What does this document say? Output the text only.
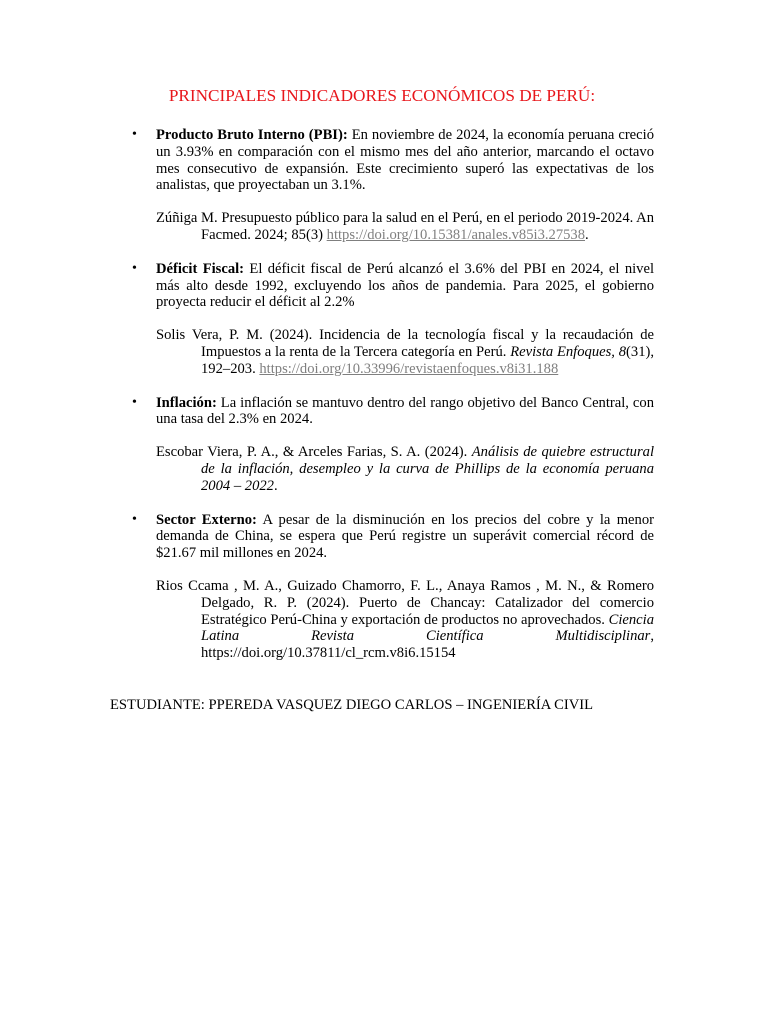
PRINCIPALES INDICADORES ECONÓMICOS DE PERÚ:
• Producto Bruto Interno (PBI): En noviembre de 2024, la economía peruana creció un 3.93% en comparación con el mismo mes del año anterior, marcando el octavo mes consecutivo de expansión. Este crecimiento superó las expectativas de los analistas, que proyectaban un 3.1%.

Zúñiga M. Presupuesto público para la salud en el Perú, en el periodo 2019-2024. An Facmed. 2024; 85(3) https://doi.org/10.15381/anales.v85i3.27538.

• Déficit Fiscal: El déficit fiscal de Perú alcanzó el 3.6% del PBI en 2024, el nivel más alto desde 1992, excluyendo los años de pandemia. Para 2025, el gobierno proyecta reducir el déficit al 2.2%

Solis Vera, P. M. (2024). Incidencia de la tecnología fiscal y la recaudación de Impuestos a la renta de la Tercera categoría en Perú. Revista Enfoques, 8(31), 192–203. https://doi.org/10.33996/revistaenfoques.v8i31.188

• Inflación: La inflación se mantuvo dentro del rango objetivo del Banco Central, con una tasa del 2.3% en 2024.

Escobar Viera, P. A., & Arceles Farias, S. A. (2024). Análisis de quiebre estructural de la inflación, desempleo y la curva de Phillips de la economía peruana 2004 – 2022.

• Sector Externo: A pesar de la disminución en los precios del cobre y la menor demanda de China, se espera que Perú registre un superávit comercial récord de $21.67 mil millones en 2024.

Rios Ccama , M. A., Guizado Chamorro, F. L., Anaya Ramos , M. N., & Romero Delgado, R. P. (2024). Puerto de Chancay: Catalizador del comercio Estratégico Perú-China y exportación de productos no aprovechados. Ciencia Latina Revista Científica Multidisciplinar, https://doi.org/10.37811/cl_rcm.v8i6.15154

ESTUDIANTE: PPEREDA VASQUEZ DIEGO CARLOS – INGENIERÍA CIVIL
